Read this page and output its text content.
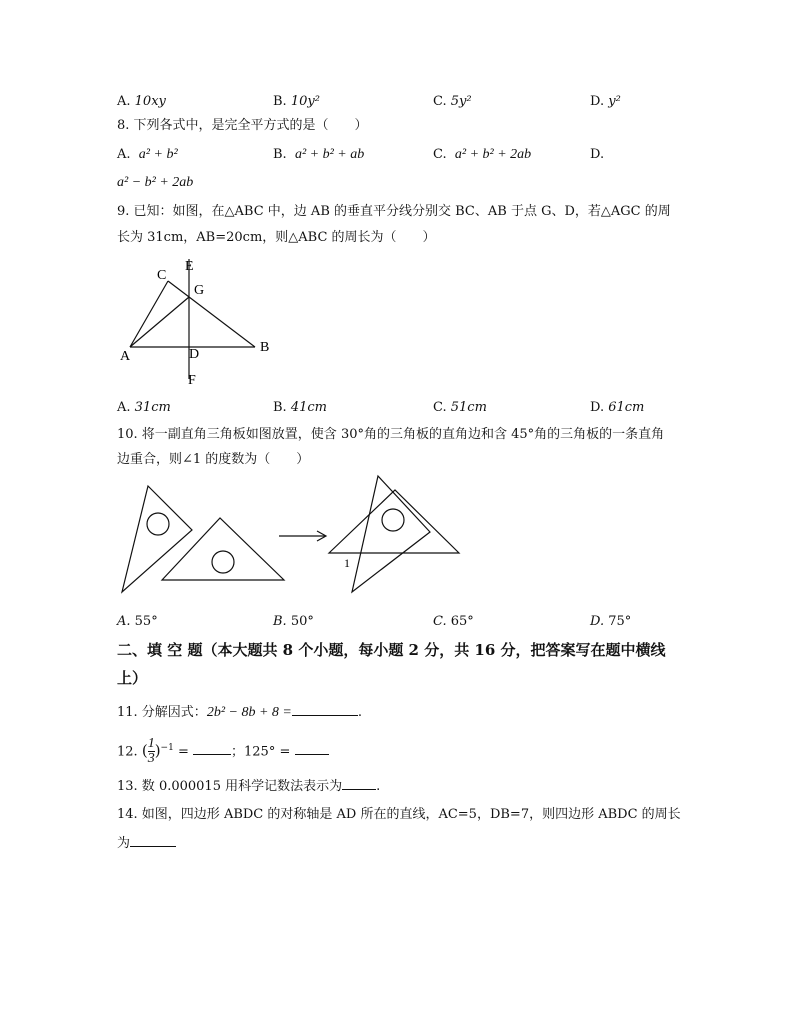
A. 10xy	B. 10y²	C. 5y²	D. y²
8. 下列各式中，是完全平方式的是（　　）
A. a² + b²	B. a² + b² + ab	C. a² + b² + 2ab	D.
a² − b² + 2ab
9. 已知：如图，在△ABC 中，边 AB 的垂直平分线分别交 BC、AB 于点 G、D，若△AGC 的周
长为 31cm，AB=20cm，则△ABC 的周长为（　　）
E
C
G
A	D	B
F
A. 31cm	B. 41cm	C. 51cm	D. 61cm
10. 将一副直角三角板如图放置，使含 30°角的三角板的直角边和含 45°角的三角板的一条直角
边重合，则∠1 的度数为（　　）
1
A. 55°	B. 50°	C. 65°	D. 75°
二、填 空 题（本大题共 8 个小题，每小题 2 分，共 16 分，把答案写在题中横线
上）
11. 分解因式：2b² − 8b + 8 =	.
12. ( $\frac{1}{3} )^{-1}$ =	；125° =
13. 数 0.000015 用科学记数法表示为	.
14. 如图，四边形 ABDC 的对称轴是 AD 所在的直线，AC=5，DB=7，则四边形 ABDC 的周长
为
